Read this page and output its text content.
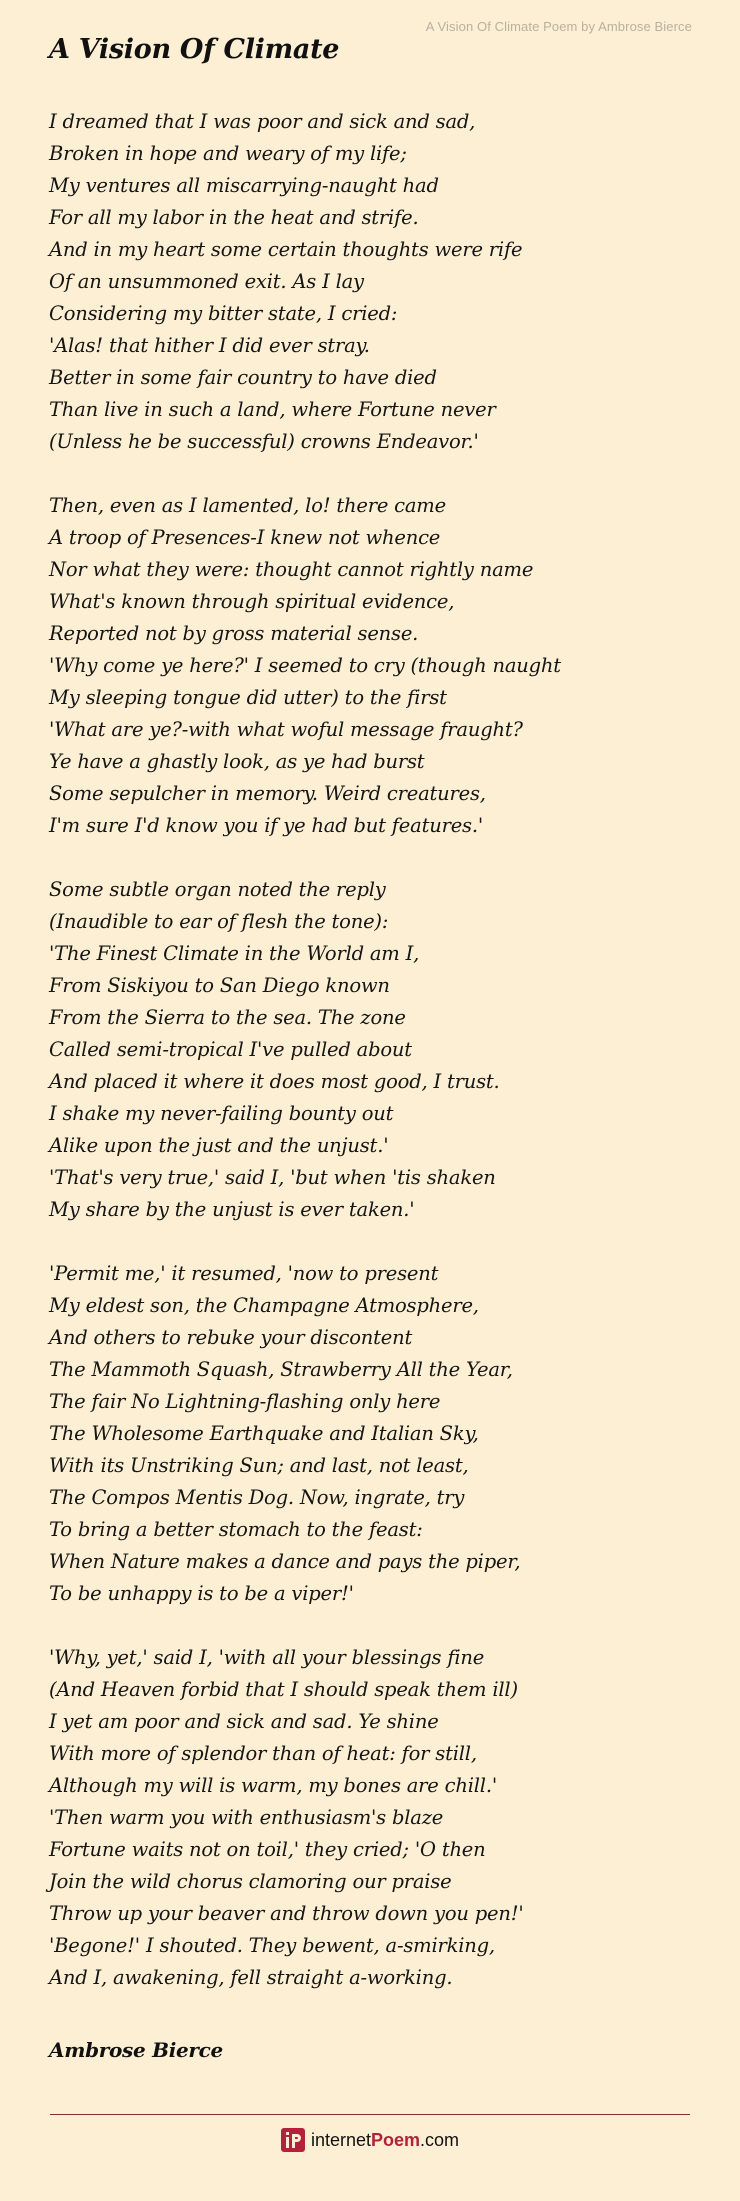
A Vision Of Climate Poem by Ambrose Bierce
A Vision Of Climate
I dreamed that I was poor and sick and sad,
Broken in hope and weary of my life;
My ventures all miscarrying-naught had
For all my labor in the heat and strife.
And in my heart some certain thoughts were rife
Of an unsummoned exit. As I lay
Considering my bitter state, I cried:
'Alas! that hither I did ever stray.
Better in some fair country to have died
Than live in such a land, where Fortune never
(Unless he be successful) crowns Endeavor.'
Then, even as I lamented, lo! there came
A troop of Presences-I knew not whence
Nor what they were: thought cannot rightly name
What's known through spiritual evidence,
Reported not by gross material sense.
'Why come ye here?' I seemed to cry (though naught
My sleeping tongue did utter) to the first
'What are ye?-with what woful message fraught?
Ye have a ghastly look, as ye had burst
Some sepulcher in memory. Weird creatures,
I'm sure I'd know you if ye had but features.'
Some subtle organ noted the reply
(Inaudible to ear of flesh the tone):
'The Finest Climate in the World am I,
From Siskiyou to San Diego known
From the Sierra to the sea. The zone
Called semi-tropical I've pulled about
And placed it where it does most good, I trust.
I shake my never-failing bounty out
Alike upon the just and the unjust.'
'That's very true,' said I, 'but when 'tis shaken
My share by the unjust is ever taken.'
'Permit me,' it resumed, 'now to present
My eldest son, the Champagne Atmosphere,
And others to rebuke your discontent
The Mammoth Squash, Strawberry All the Year,
The fair No Lightning-flashing only here
The Wholesome Earthquake and Italian Sky,
With its Unstriking Sun; and last, not least,
The Compos Mentis Dog. Now, ingrate, try
To bring a better stomach to the feast:
When Nature makes a dance and pays the piper,
To be unhappy is to be a viper!'
'Why, yet,' said I, 'with all your blessings fine
(And Heaven forbid that I should speak them ill)
I yet am poor and sick and sad. Ye shine
With more of splendor than of heat: for still,
Although my will is warm, my bones are chill.'
'Then warm you with enthusiasm's blaze
Fortune waits not on toil,' they cried; 'O then
Join the wild chorus clamoring our praise
Throw up your beaver and throw down you pen!'
'Begone!' I shouted. They bewent, a-smirking,
And I, awakening, fell straight a-working.
Ambrose Bierce
internetPoem.com
